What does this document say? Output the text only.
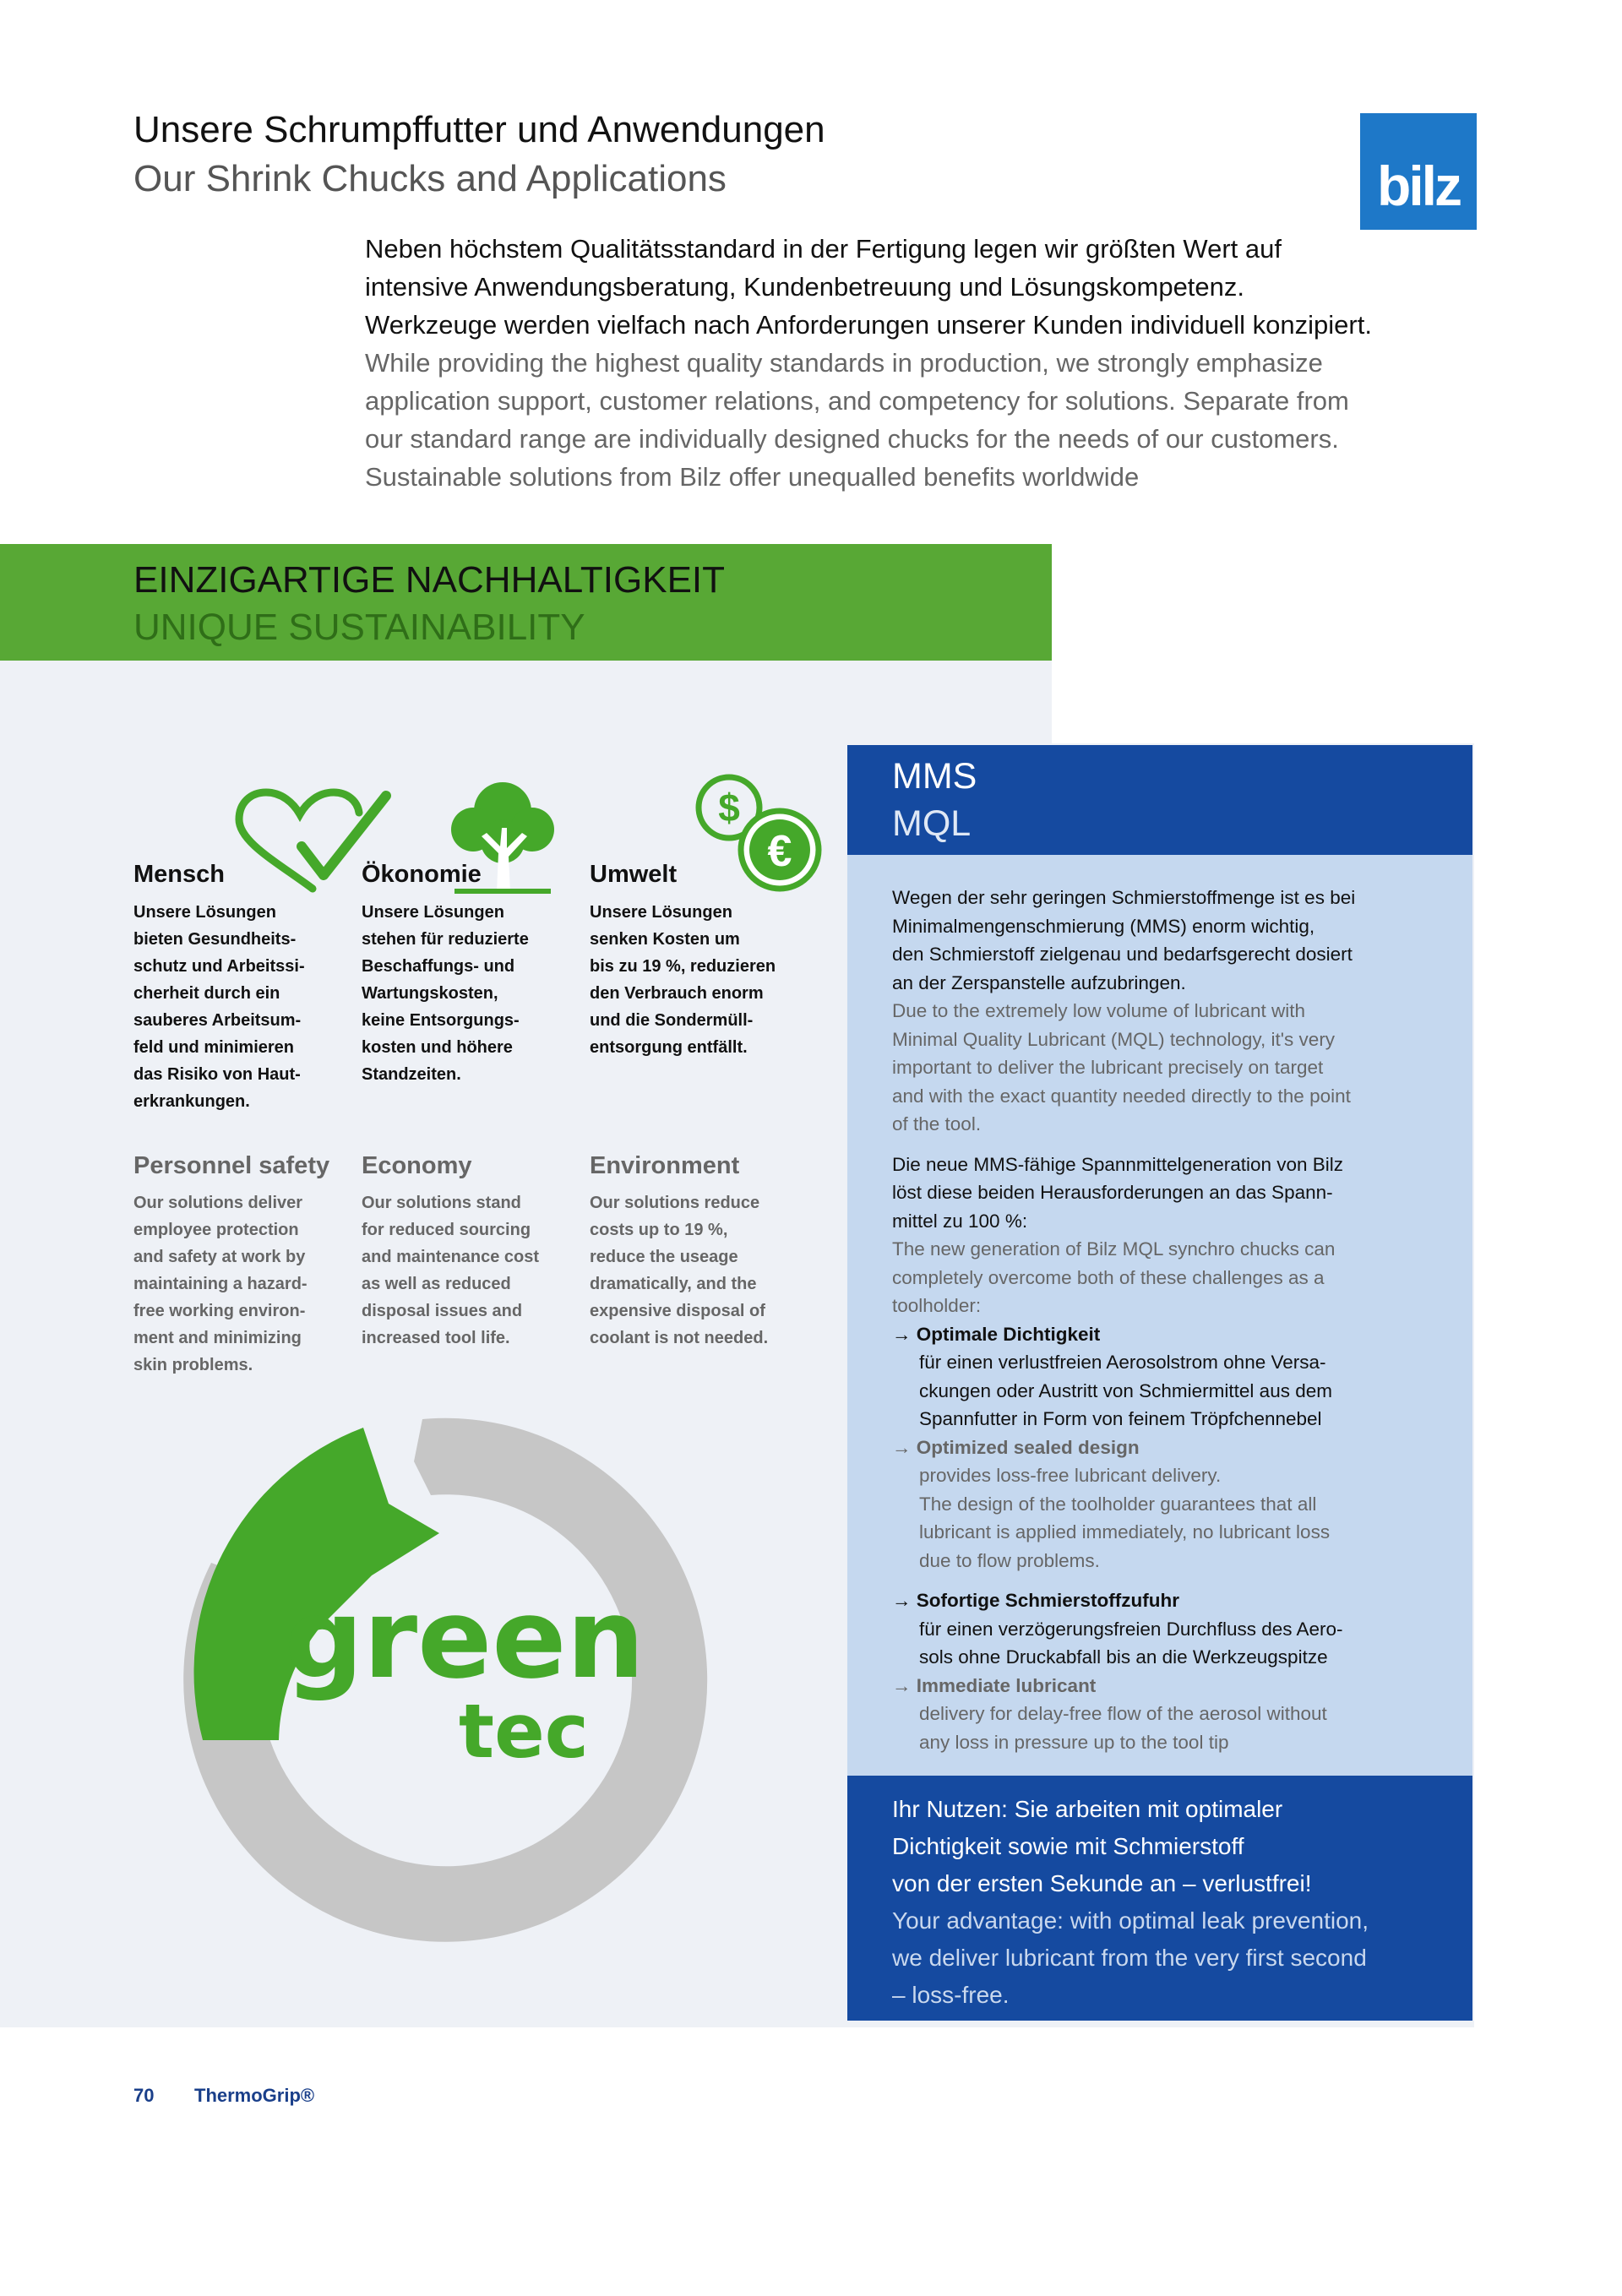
Unsere Schrumpffutter und Anwendungen
Our Shrink Chucks and Applications	bilz

Neben höchstem Qualitätsstandard in der Fertigung legen wir größten Wert auf

intensive Anwendungsberatung, Kundenbetreuung und Lösungskompetenz.

Werkzeuge werden vielfach nach Anforderungen unserer Kunden individuell konzipiert.

While providing the highest quality standards in production, we strongly emphasize

application support, customer relations, and competency for solutions. Separate from

our standard range are individually designed chucks for the needs of our customers.

Sustainable solutions from Bilz offer unequalled benefits worldwide

EINZIGARTIGE NACHHALTIGKEIT
UNIQUE SUSTAINABILITY
$
€
Mensch
Unsere Lösungen
bieten Gesundheits-
schutz und Arbeitssi-
cherheit durch ein
sauberes Arbeitsum-
feld und minimieren
das Risiko von Haut-
erkrankungen.
Ökonomie
Unsere Lösungen
stehen für reduzierte
Beschaffungs- und
Wartungskosten,
keine Entsorgungs-
kosten und höhere
Standzeiten.
Umwelt
Unsere Lösungen
senken Kosten um
bis zu 19 %, reduzieren
den Verbrauch enorm
und die Sondermüll-
entsorgung entfällt.
Personnel safety
Our solutions deliver
employee protection
and safety at work by
maintaining a hazard-
free working environ-
ment and minimizing
skin problems.
Economy
Our solutions stand
for reduced sourcing
and maintenance cost
as well as reduced
disposal issues and
increased tool life.
Environment
Our solutions reduce
costs up to 19 %,
reduce the useage
dramatically, and the
expensive disposal of
coolant is not needed.
green
tec
MMS
MQL

Wegen der sehr geringen Schmierstoffmenge ist es bei

Minimalmengenschmierung (MMS) enorm wichtig,

den Schmierstoff zielgenau und bedarfsgerecht dosiert

an der Zerspanstelle aufzubringen.

Due to the extremely low volume of lubricant with

Minimal Quality Lubricant (MQL) technology, it's very

important to deliver the lubricant precisely on target

and with the exact quantity needed directly to the point

of the tool.

Die neue MMS-fähige Spannmittelgeneration von Bilz

löst diese beiden Herausforderungen an das Spann-

mittel zu 100 %:

The new generation of Bilz MQL synchro chucks can

completely overcome both of these challenges as a

toolholder:

→ Optimale Dichtigkeit

für einen verlustfreien Aerosolstrom ohne Versa-

ckungen oder Austritt von Schmiermittel aus dem

Spannfutter in Form von feinem Tröpfchennebel

→ Optimized sealed design

provides loss-free lubricant delivery.

The design of the toolholder guarantees that all

lubricant is applied immediately, no lubricant loss

due to flow problems.

→ Sofortige Schmierstoffzufuhr

für einen verzögerungsfreien Durchfluss des Aero-

sols ohne Druckabfall bis an die Werkzeugspitze

→ Immediate lubricant

delivery for delay-free flow of the aerosol without

any loss in pressure up to the tool tip

Ihr Nutzen: Sie arbeiten mit optimaler
Dichtigkeit sowie mit Schmierstoff
von der ersten Sekunde an – verlustfrei!
Your advantage: with optimal leak prevention,
we deliver lubricant from the very first second
– loss-free.
70 ThermoGrip®
